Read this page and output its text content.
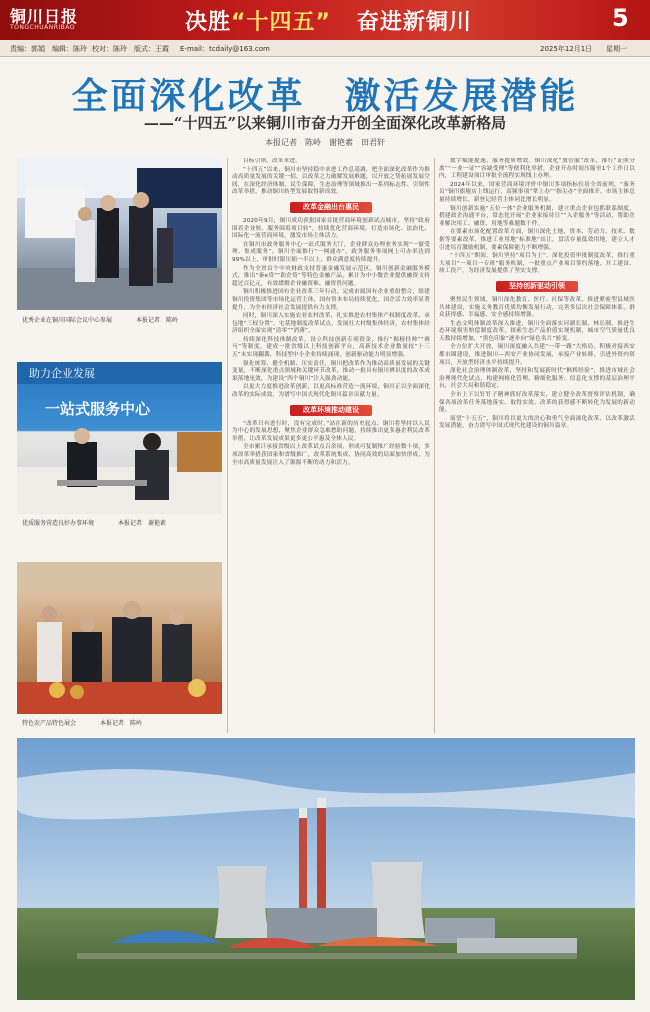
铜川日报
TONGCHUANRIBAO	决胜“十四五” 奋进新铜川	5
责编：郭娟 编辑：陈玲 校对：陈玲 版式：王霞 E-mail：tcdaily@163.com	2025年12月1日 星期一
全面深化改革　激活发展潜能
——“十四五”以来铜川市奋力开创全面深化改革新格局
本报记者　陈岭　谢艳素　田君轩
优秀企业在铜川国际会议中心参展	本报记者　陈岭
助力企业发展
一站式服务中心
优质服务营造良好办事环境	本报记者　谢艳素
特色农产品特色展会	本报记者　陈岭

目标引领，改革求进。

“十四五”以来，铜川市坚持稳中求进工作总基调，把全面深化改革作为推动高质量发展的关键一招，以改革之力破解发展难题，以开放之势拓展发展空间，在深化经济体制、民生保障、生态治理等领域推出一系列标志性、引领性改革举措，推动铜川转型发展取得新成效。

改革金融出台惠民

2020年9月，铜川成功获批国家首批营商环境创新试点城市，坚持“政府围着企业转、服务围着项目转”，持续优化营商环境，打造市场化、法治化、国际化一流营商环境，激发市场主体活力。

在铜川市政务服务中心一站式服务大厅，企业群众办理业务实现“一窗受理、集成服务”。铜川全面推行“一网通办”，政务服务事项网上可办率达到99%以上，审批时限压缩一半以上，群众满意度持续提升。

作为全省首个中央财政支持普惠金融发展示范区，铜川创新金融服务模式，推出“秦e贷”“助企贷”等特色金融产品，累计为中小微企业提供融资支持超过百亿元，有效缓解企业融资难、融资贵问题。

铜川积极推进国有企业改革三年行动，完成市属国有企业重组整合，组建铜川投资集团等市场化运营主体，国有资本布局持续优化，国企活力效率显著提升，为全市经济社会发展提供有力支撑。

同时，铜川深入实施农业农村改革，扎实推进农村集体产权制度改革、承包地“三权分置”、宅基地制度改革试点，发展壮大村级集体经济，农村集体经济组织全面实现“清零”“消薄”。

持续深化科技体制改革，设立科技创新专项资金，推行“揭榜挂帅”“赛马”等制度，建成一批省级以上科技创新平台，高新技术企业数量较“十三五”末实现翻番，科技型中小企业持续涌现，创新驱动能力明显增强。

强化统筹、健全机制、压实责任，铜川把改革作为推动高质量发展的关键变量，不断深化重点领域和关键环节改革，推动一批具有铜川辨识度的改革成果落地见效，为建设“四个铜川”注入强劲动能。

以更大力度推进改革创新，以更高标准营造一流环境，铜川正以全面深化改革的实际成效，为谱写中国式现代化铜川篇章贡献力量。

改革环境推动建设

“改革只有进行时，没有完成时。”站在新的历史起点，铜川将坚持以人民为中心的发展思想，聚焦企业群众急难愁盼问题，持续推出更多惠企利民改革举措，让改革发展成果更多更公平惠及全体人民。

全市累计承接省级以上改革试点百余项，形成可复制推广经验数十项，多项改革举措获国家和省级推广，改革系统集成、协同高效的局面加快形成，为全市高质量发展注入了源源不断的动力和活力。

数字赋能提速，服务提质增效。铜川深化“放管服”改革，推行“证照分离”“一业一证”“容缺受理”等便利化举措，企业开办时间压缩至1个工作日以内，工程建设项目审批全流程实现线上办理。

2024年以来，国家营商环境评价中铜川多项指标位居全省前列，“秦务员”铜川旗舰店上线运行，高频事项“掌上办”“指尖办”全面推开，市场主体总量持续增长，新登记经营主体同比增长明显。

铜川创新实施“五位一体”企业服务机制，建立重点企业包抓联系制度，搭建政企沟通平台，常态化开展“企业家接待日”“入企服务”等活动，帮助企业解决用工、融资、用地等难题数千件。

在要素市场化配置改革方面，铜川深化土地、资本、劳动力、技术、数据等要素改革，推进工业用地“标准地”出让，盘活存量低效用地，建立人才引进培育激励机制，要素保障能力不断增强。

“十四五”期间，铜川坚持“项目为王”，深化投资审批制度改革，推行重大项目“一项目一专班”服务机制，一批重点产业项目签约落地、开工建设、竣工投产，为经济发展提供了坚实支撑。

坚持创新驱动引领

聚焦民生领域，铜川深化教育、医疗、社保等改革，推进紧密型县域医共体建设，实施义务教育优质均衡发展行动，完善多层次社会保障体系，群众获得感、幸福感、安全感持续增强。

生态文明体制改革深入推进，铜川全面落实河湖长制、林长制，推进生态环境损害赔偿制度改革，探索生态产品价值实现机制，城市空气质量优良天数持续增加，“黑色印象”逐步向“绿色名片”转变。

全方位扩大开放，铜川深度融入共建“一带一路”大格局，积极对接西安都市圈建设，推进铜川—西安产业协同发展，承接产业转移，引进外资内资项目，开放型经济水平持续提升。

深化社会治理体制改革，坚持和发展新时代“枫桥经验”，推进市域社会治理现代化试点，构建网格化管理、精细化服务、信息化支撑的基层治理平台，社会大局和谐稳定。

全市上下以钉钉子精神抓好改革落实，建立健全改革督察评估机制，确保各项改革任务落地落实、取得实效，改革的获得感不断转化为发展的新动能。

展望“十五五”，铜川将以更大的决心和勇气全面深化改革，以改革激活发展潜能，奋力谱写中国式现代化建设的铜川篇章。
